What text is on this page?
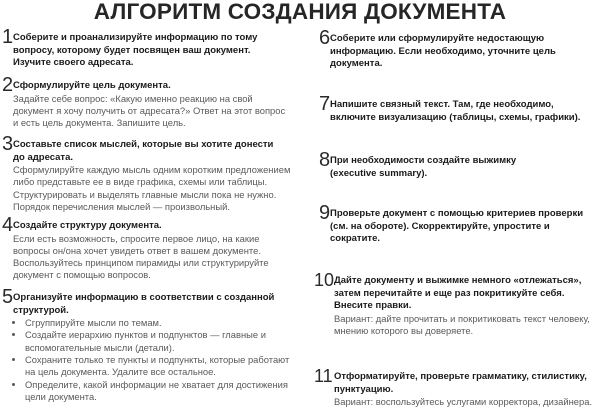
АЛГОРИТМ СОЗДАНИЯ ДОКУМЕНТА
1 Соберите и проанализируйте информацию по тому

вопросу, которому будет посвящен ваш документ.

Изучите своего адресата.

2 Сформулируйте цель документа.

Задайте себе вопрос: «Какую именно реакцию на свой

документ я хочу получить от адресата?» Ответ на этот вопрос

и есть цель документа. Запишите цель.

3 Составьте список мыслей, которые вы хотите донести

до адресата.

Сформулируйте каждую мысль одним коротким предложением

либо представьте ее в виде графика, схемы или таблицы.

Структурировать и выделять главные мысли пока не нужно.

Порядок перечисления мыслей — произвольный.

4 Создайте структуру документа.

Если есть возможность, спросите первое лицо, на какие

вопросы он/она хочет увидеть ответ в вашем документе.

Воспользуйтесь принципом пирамиды или структурируйте

документ с помощью вопросов.

5 Организуйте информацию в соответствии с созданной

структурой.

• Сгруппируйте мысли по темам.
• Создайте иерархию пунктов и подпунктов — главные и
вспомогательные мысли (детали).
• Сохраните только те пункты и подпункты, которые работают
на цель документа. Удалите все остальное.
• Определите, какой информации не хватает для достижения
цели документа.
6 Соберите или сформулируйте недостающую

информацию. Если необходимо, уточните цель

документа.

7 Напишите связный текст. Там, где необходимо,

включите визуализацию (таблицы, схемы, графики).

8 При необходимости создайте выжимку

(executive summary).

9 Проверьте документ с помощью критериев проверки

(см. на обороте). Скорректируйте, упростите и

сократите.

10 Дайте документу и выжимке немного «отлежаться»,

затем перечитайте и еще раз покритикуйте себя.

Внесите правки.

Вариант: дайте прочитать и покритиковать текст человеку,

мнению которого вы доверяете.

11 Отформатируйте, проверьте грамматику, стилистику,

пунктуацию.

Вариант: воспользуйтесь услугами корректора, дизайнера.
